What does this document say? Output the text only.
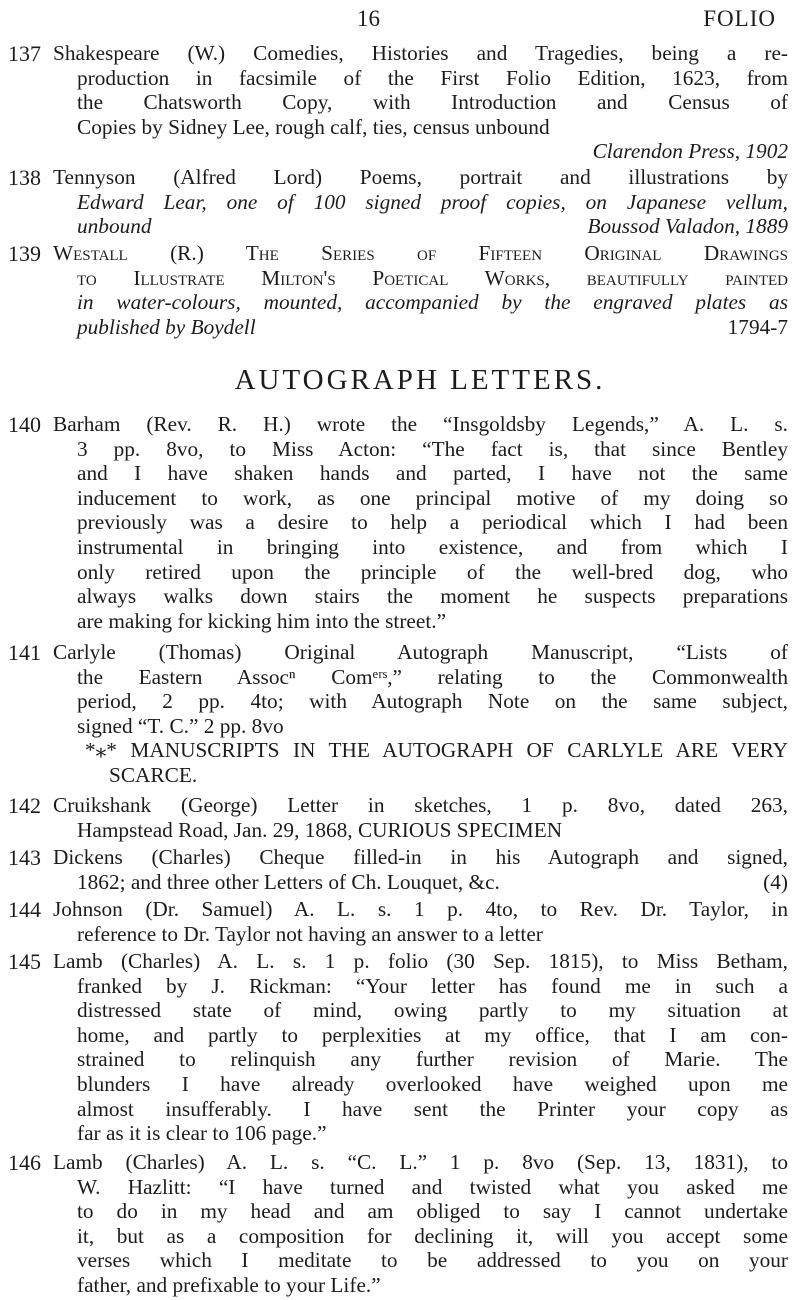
16	FOLIO
137 Shakespeare (W.) Comedies, Histories and Tragedies, being a re-
production in facsimile of the First Folio Edition, 1623, from
the Chatsworth Copy, with Introduction and Census of
Copies by Sidney Lee, rough calf, ties, census unbound
Clarendon Press, 1902
138 Tennyson (Alfred Lord) Poems, portrait and illustrations by
Edward Lear, one of 100 signed proof copies, on Japanese vellum,
unbound	Boussod Valadon, 1889
139 Westall (R.) The Series of Fifteen Original Drawings
to Illustrate Milton's Poetical Works, beautifully painted
in water-colours, mounted, accompanied by the engraved plates as
published by Boydell	1794-7
AUTOGRAPH LETTERS.
140 Barham (Rev. R. H.) wrote the “Insgoldsby Legends,” A. L. s.
3 pp. 8vo, to Miss Acton: “The fact is, that since Bentley
and I have shaken hands and parted, I have not the same
inducement to work, as one principal motive of my doing so
previously was a desire to help a periodical which I had been
instrumental in bringing into existence, and from which I
only retired upon the principle of the well-bred dog, who
always walks down stairs the moment he suspects preparations
are making for kicking him into the street.”
141 Carlyle (Thomas) Original Autograph Manuscript, “Lists of
the Eastern Assocⁿ Comᵉʳˢ,” relating to the Commonwealth
period, 2 pp. 4to; with Autograph Note on the same subject,
signed “T. C.” 2 pp. 8vo
*⁎* MANUSCRIPTS IN THE AUTOGRAPH OF CARLYLE ARE VERY
SCARCE.
142 Cruikshank (George) Letter in sketches, 1 p. 8vo, dated 263,
Hampstead Road, Jan. 29, 1868, CURIOUS SPECIMEN
143 Dickens (Charles) Cheque filled-in in his Autograph and signed,
1862; and three other Letters of Ch. Louquet, &c.	(4)
144 Johnson (Dr. Samuel) A. L. s. 1 p. 4to, to Rev. Dr. Taylor, in
reference to Dr. Taylor not having an answer to a letter
145 Lamb (Charles) A. L. s. 1 p. folio (30 Sep. 1815), to Miss Betham,
franked by J. Rickman: “Your letter has found me in such a
distressed state of mind, owing partly to my situation at
home, and partly to perplexities at my office, that I am con-
strained to relinquish any further revision of Marie. The
blunders I have already overlooked have weighed upon me
almost insufferably. I have sent the Printer your copy as
far as it is clear to 106 page.”
146 Lamb (Charles) A. L. s. “C. L.” 1 p. 8vo (Sep. 13, 1831), to
W. Hazlitt: “I have turned and twisted what you asked me
to do in my head and am obliged to say I cannot undertake
it, but as a composition for declining it, will you accept some
verses which I meditate to be addressed to you on your
father, and prefixable to your Life.”
